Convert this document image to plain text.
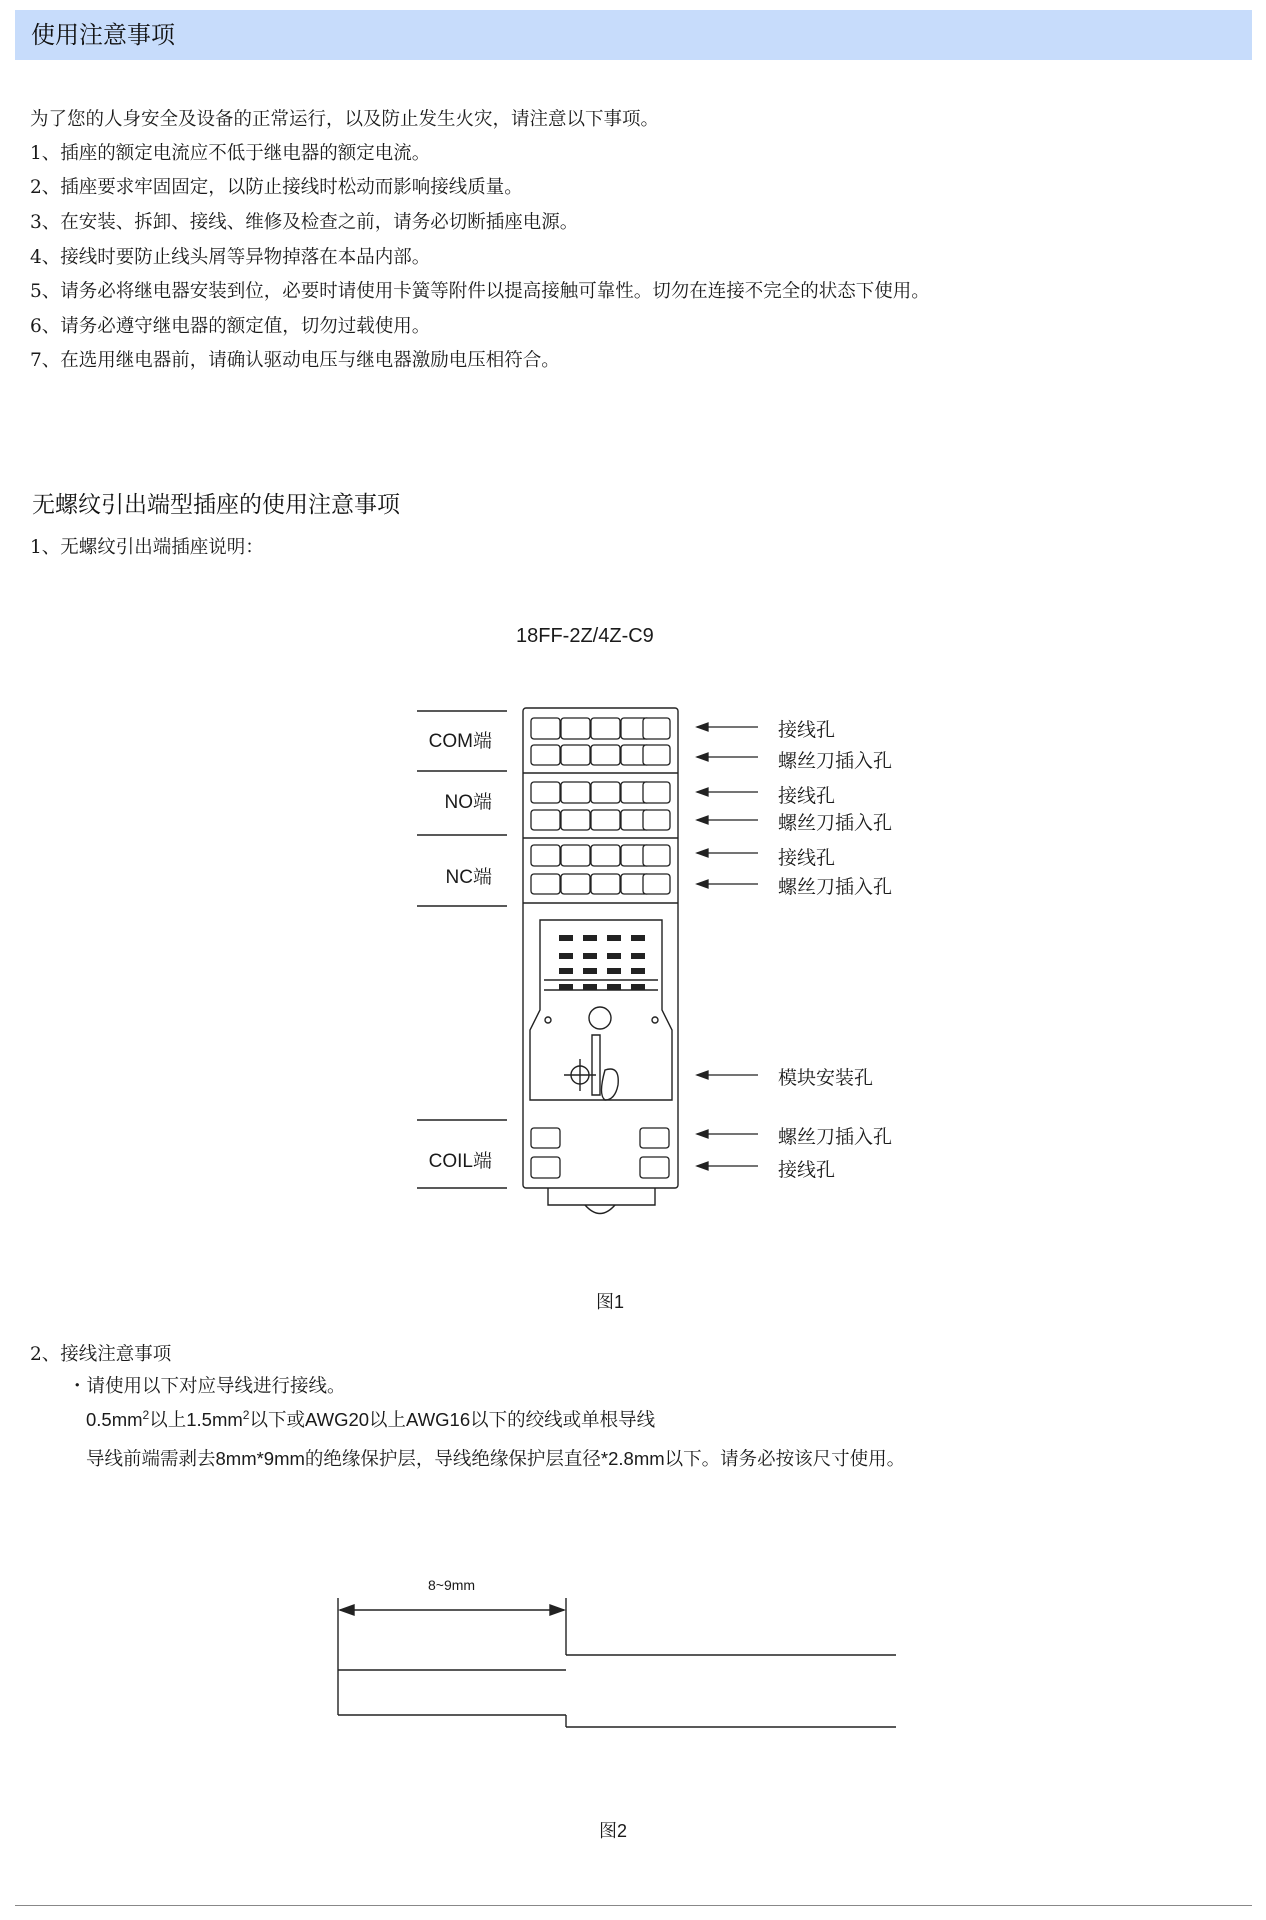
使用注意事项
为了您的人身安全及设备的正常运行，以及防止发生火灾，请注意以下事项。
1、插座的额定电流应不低于继电器的额定电流。
2、插座要求牢固固定，以防止接线时松动而影响接线质量。
3、在安装、拆卸、接线、维修及检查之前，请务必切断插座电源。
4、接线时要防止线头屑等异物掉落在本品内部。
5、请务必将继电器安装到位，必要时请使用卡簧等附件以提高接触可靠性。切勿在连接不完全的状态下使用。
6、请务必遵守继电器的额定值，切勿过载使用。
7、在选用继电器前，请确认驱动电压与继电器激励电压相符合。
无螺纹引出端型插座的使用注意事项
1、无螺纹引出端插座说明：
18FF-2Z/4Z-C9
COM端
NO端
NC端
COIL端
接线孔
螺丝刀插入孔
接线孔
螺丝刀插入孔
接线孔
螺丝刀插入孔
模块安装孔
螺丝刀插入孔
接线孔
图1
2、接线注意事项
・请使用以下对应导线进行接线。
$0.5mm^2$以上$1.5mm^2$以下或AWG20以上AWG16以下的绞线或单根导线
导线前端需剥去8mm*9mm的绝缘保护层，导线绝缘保护层直径*2.8mm以下。请务必按该尺寸使用。
8~9mm
图2
